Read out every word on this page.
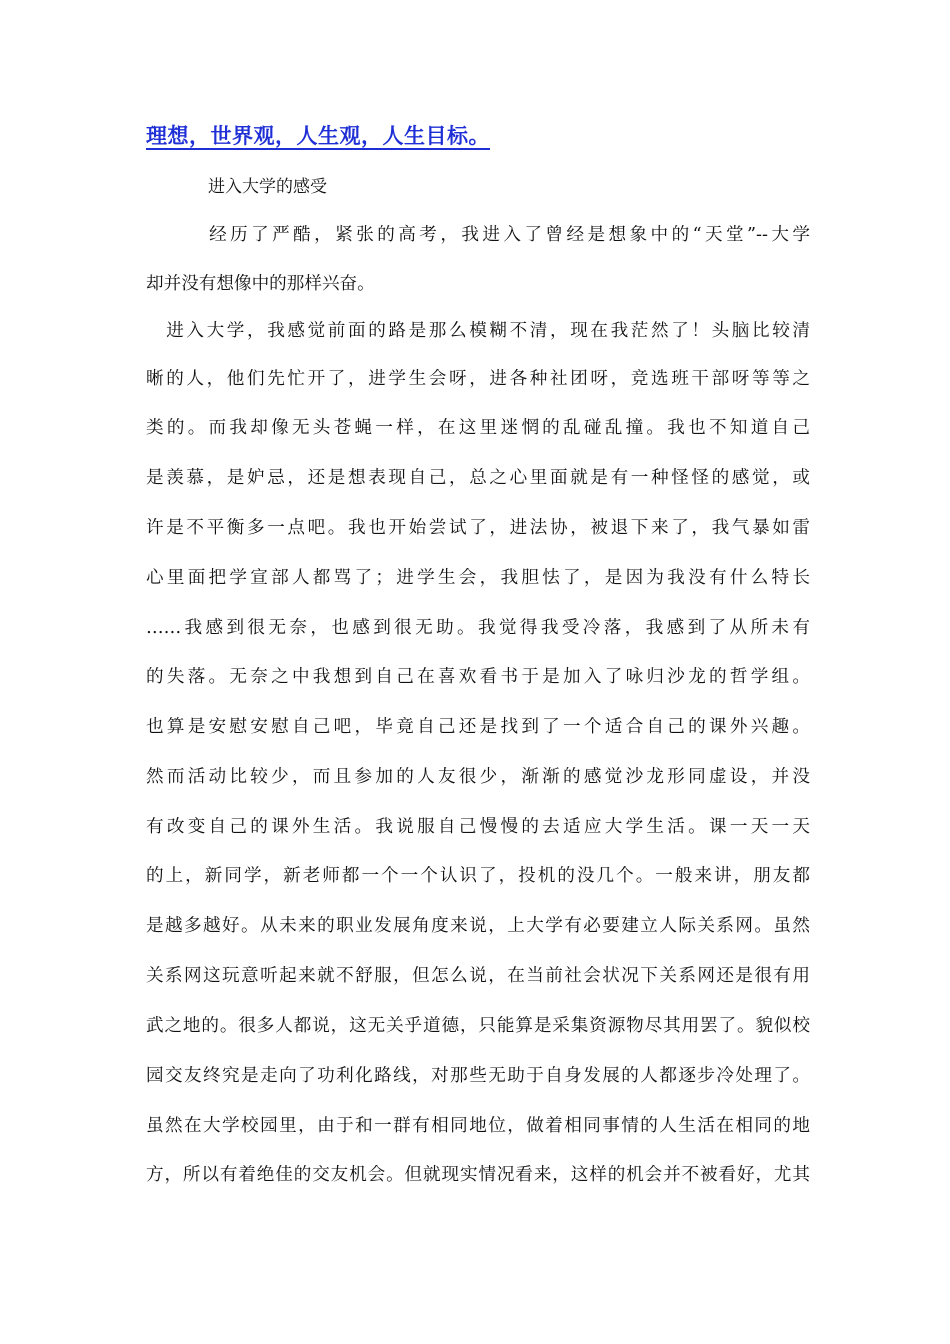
理想，世界观，人生观，人生目标。
进入大学的感受
　　　经历了严酷，紧张的高考，我进入了曾经是想象中的“天堂”--大学
却并没有想像中的那样兴奋。
　进入大学，我感觉前面的路是那么模糊不清，现在我茫然了！头脑比较清
晰的人，他们先忙开了，进学生会呀，进各种社团呀，竞选班干部呀等等之
类的。而我却像无头苍蝇一样，在这里迷惘的乱碰乱撞。我也不知道自己
是羡慕，是妒忌，还是想表现自己，总之心里面就是有一种怪怪的感觉，或
许是不平衡多一点吧。我也开始尝试了，进法协，被退下来了，我气暴如雷
心里面把学宣部人都骂了；进学生会，我胆怯了，是因为我没有什么特长
……我感到很无奈，也感到很无助。我觉得我受冷落，我感到了从所未有
的失落。无奈之中我想到自己在喜欢看书于是加入了咏归沙龙的哲学组。
也算是安慰安慰自己吧，毕竟自己还是找到了一个适合自己的课外兴趣。
然而活动比较少，而且参加的人友很少，渐渐的感觉沙龙形同虚设，并没
有改变自己的课外生活。我说服自己慢慢的去适应大学生活。课一天一天
的上，新同学，新老师都一个一个认识了，投机的没几个。一般来讲，朋友都
是越多越好。从未来的职业发展角度来说，上大学有必要建立人际关系网。虽然
关系网这玩意听起来就不舒服，但怎么说，在当前社会状况下关系网还是很有用
武之地的。很多人都说，这无关乎道德，只能算是采集资源物尽其用罢了。貌似校
园交友终究是走向了功利化路线，对那些无助于自身发展的人都逐步冷处理了。
虽然在大学校园里，由于和一群有相同地位，做着相同事情的人生活在相同的地
方，所以有着绝佳的交友机会。但就现实情况看来，这样的机会并不被看好，尤其
